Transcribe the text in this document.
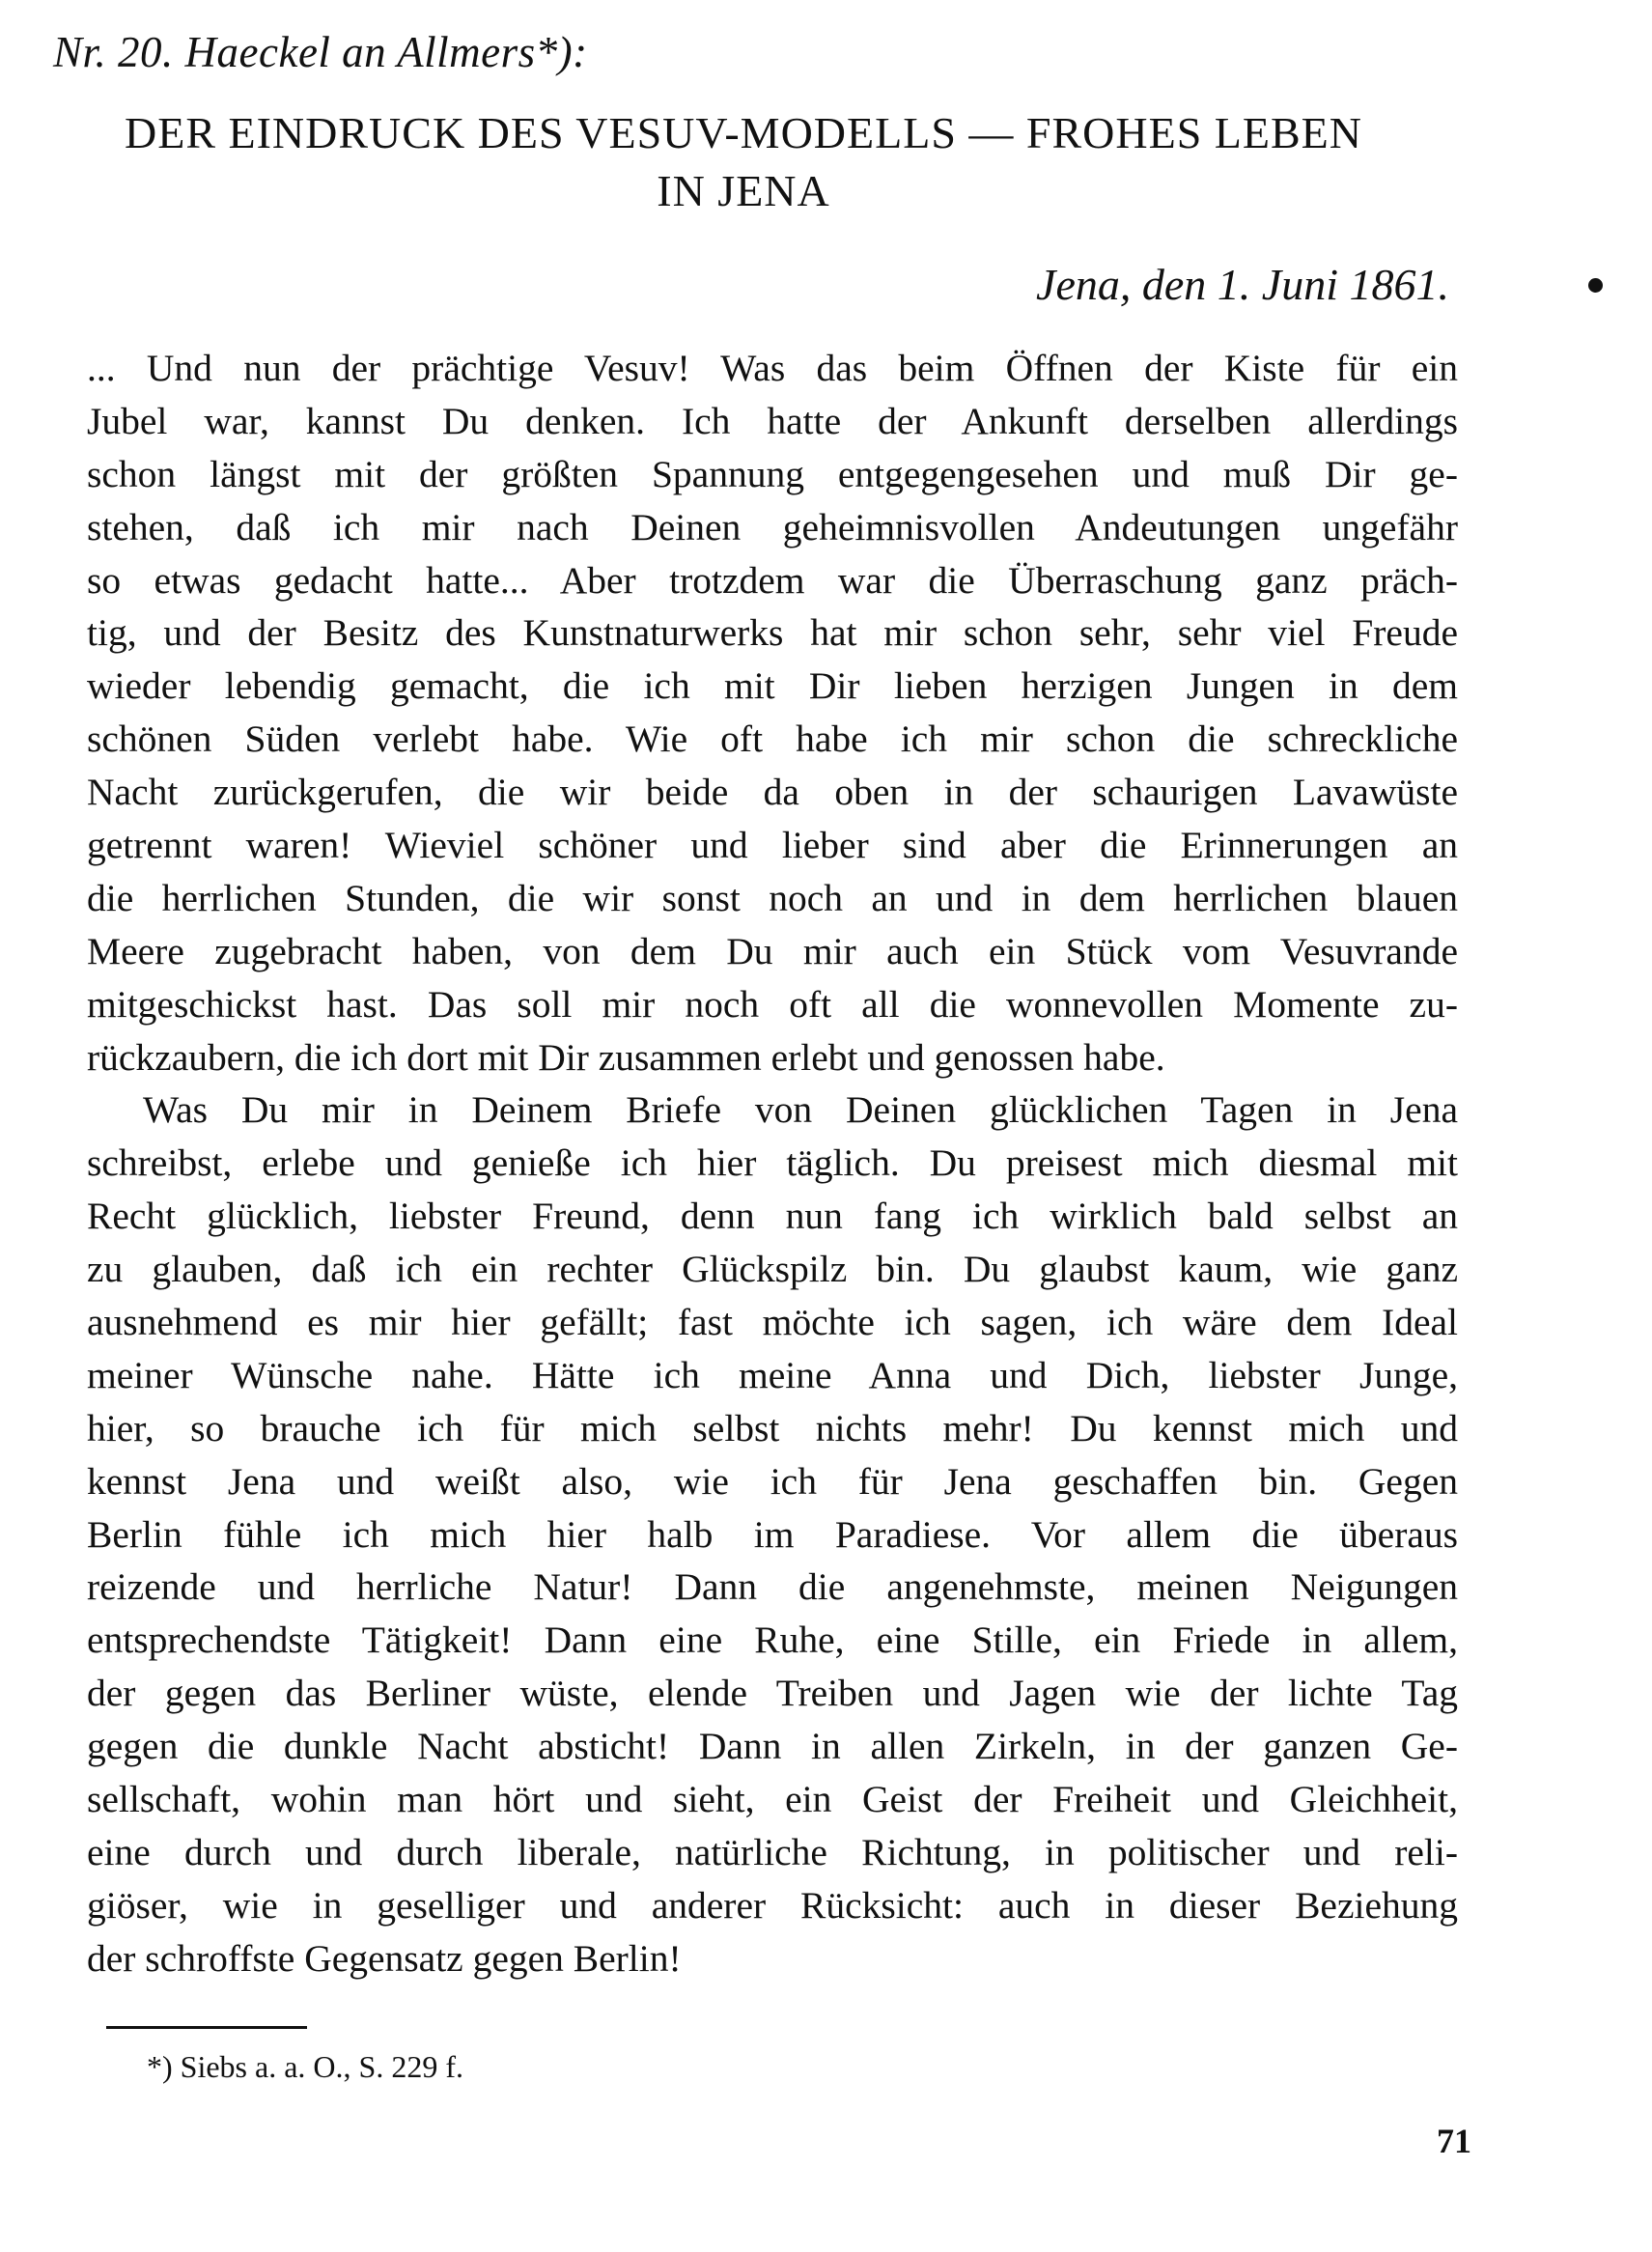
Nr. 20. Haeckel an Allmers*):
DER EINDRUCK DES VESUV-MODELLS — FROHES LEBEN
IN JENA
Jena, den 1. Juni 1861.
... Und nun der prächtige Vesuv! Was das beim Öffnen der Kiste für ein
Jubel war, kannst Du denken. Ich hatte der Ankunft derselben allerdings
schon längst mit der größten Spannung entgegengesehen und muß Dir ge-
stehen, daß ich mir nach Deinen geheimnisvollen Andeutungen ungefähr
so etwas gedacht hatte... Aber trotzdem war die Überraschung ganz präch-
tig, und der Besitz des Kunstnaturwerks hat mir schon sehr, sehr viel Freude
wieder lebendig gemacht, die ich mit Dir lieben herzigen Jungen in dem
schönen Süden verlebt habe. Wie oft habe ich mir schon die schreckliche
Nacht zurückgerufen, die wir beide da oben in der schaurigen Lavawüste
getrennt waren! Wieviel schöner und lieber sind aber die Erinnerungen an
die herrlichen Stunden, die wir sonst noch an und in dem herrlichen blauen
Meere zugebracht haben, von dem Du mir auch ein Stück vom Vesuvrande
mitgeschickst hast. Das soll mir noch oft all die wonnevollen Momente zu-
rückzaubern, die ich dort mit Dir zusammen erlebt und genossen habe.
Was Du mir in Deinem Briefe von Deinen glücklichen Tagen in Jena
schreibst, erlebe und genieße ich hier täglich. Du preisest mich diesmal mit
Recht glücklich, liebster Freund, denn nun fang ich wirklich bald selbst an
zu glauben, daß ich ein rechter Glückspilz bin. Du glaubst kaum, wie ganz
ausnehmend es mir hier gefällt; fast möchte ich sagen, ich wäre dem Ideal
meiner Wünsche nahe. Hätte ich meine Anna und Dich, liebster Junge,
hier, so brauche ich für mich selbst nichts mehr! Du kennst mich und
kennst Jena und weißt also, wie ich für Jena geschaffen bin. Gegen
Berlin fühle ich mich hier halb im Paradiese. Vor allem die überaus
reizende und herrliche Natur! Dann die angenehmste, meinen Neigungen
entsprechendste Tätigkeit! Dann eine Ruhe, eine Stille, ein Friede in allem,
der gegen das Berliner wüste, elende Treiben und Jagen wie der lichte Tag
gegen die dunkle Nacht absticht! Dann in allen Zirkeln, in der ganzen Ge-
sellschaft, wohin man hört und sieht, ein Geist der Freiheit und Gleichheit,
eine durch und durch liberale, natürliche Richtung, in politischer und reli-
giöser, wie in geselliger und anderer Rücksicht: auch in dieser Beziehung
der schroffste Gegensatz gegen Berlin!
*) Siebs a. a. O., S. 229 f.
71
